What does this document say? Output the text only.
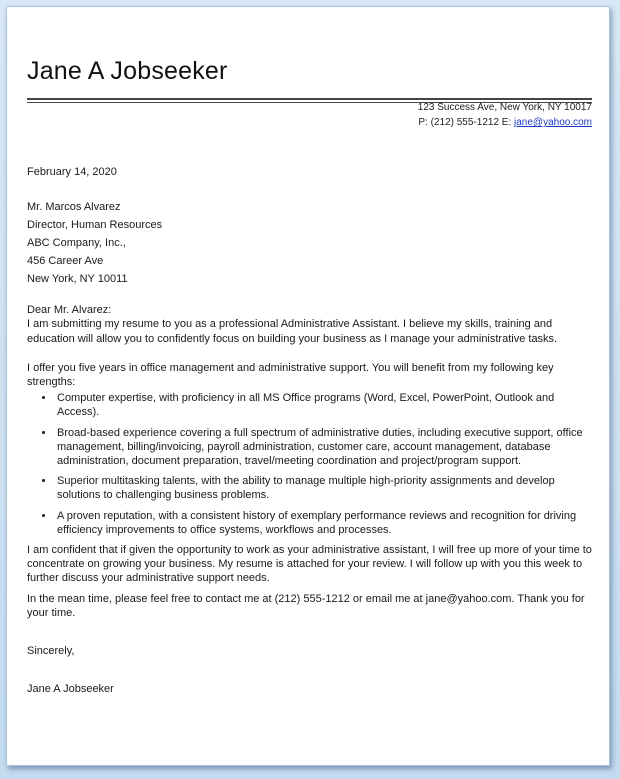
Jane A Jobseeker
123 Success Ave, New York, NY 10017
P: (212) 555-1212 E: jane@yahoo.com
February 14, 2020
Mr. Marcos Alvarez
Director, Human Resources
ABC Company, Inc.,
456 Career Ave
New York, NY 10011
Dear Mr. Alvarez:

I am submitting my resume to you as a professional Administrative Assistant. I believe my skills, training and education will allow you to confidently focus on building your business as I manage your administrative tasks.

I offer you five years in office management and administrative support. You will benefit from my following key strengths:

• Computer expertise, with proficiency in all MS Office programs (Word, Excel, PowerPoint, Outlook and Access).
• Broad-based experience covering a full spectrum of administrative duties, including executive support, office management, billing/invoicing, payroll administration, customer care, account management, database administration, document preparation, travel/meeting coordination and project/program support.
• Superior multitasking talents, with the ability to manage multiple high-priority assignments and develop solutions to challenging business problems.
• A proven reputation, with a consistent history of exemplary performance reviews and recognition for driving efficiency improvements to office systems, workflows and processes.

I am confident that if given the opportunity to work as your administrative assistant, I will free up more of your time to concentrate on growing your business. My resume is attached for your review. I will follow up with you this week to further discuss your administrative support needs.

In the mean time, please feel free to contact me at (212) 555-1212 or email me at jane@yahoo.com. Thank you for your time.

Sincerely,
Jane A Jobseeker
